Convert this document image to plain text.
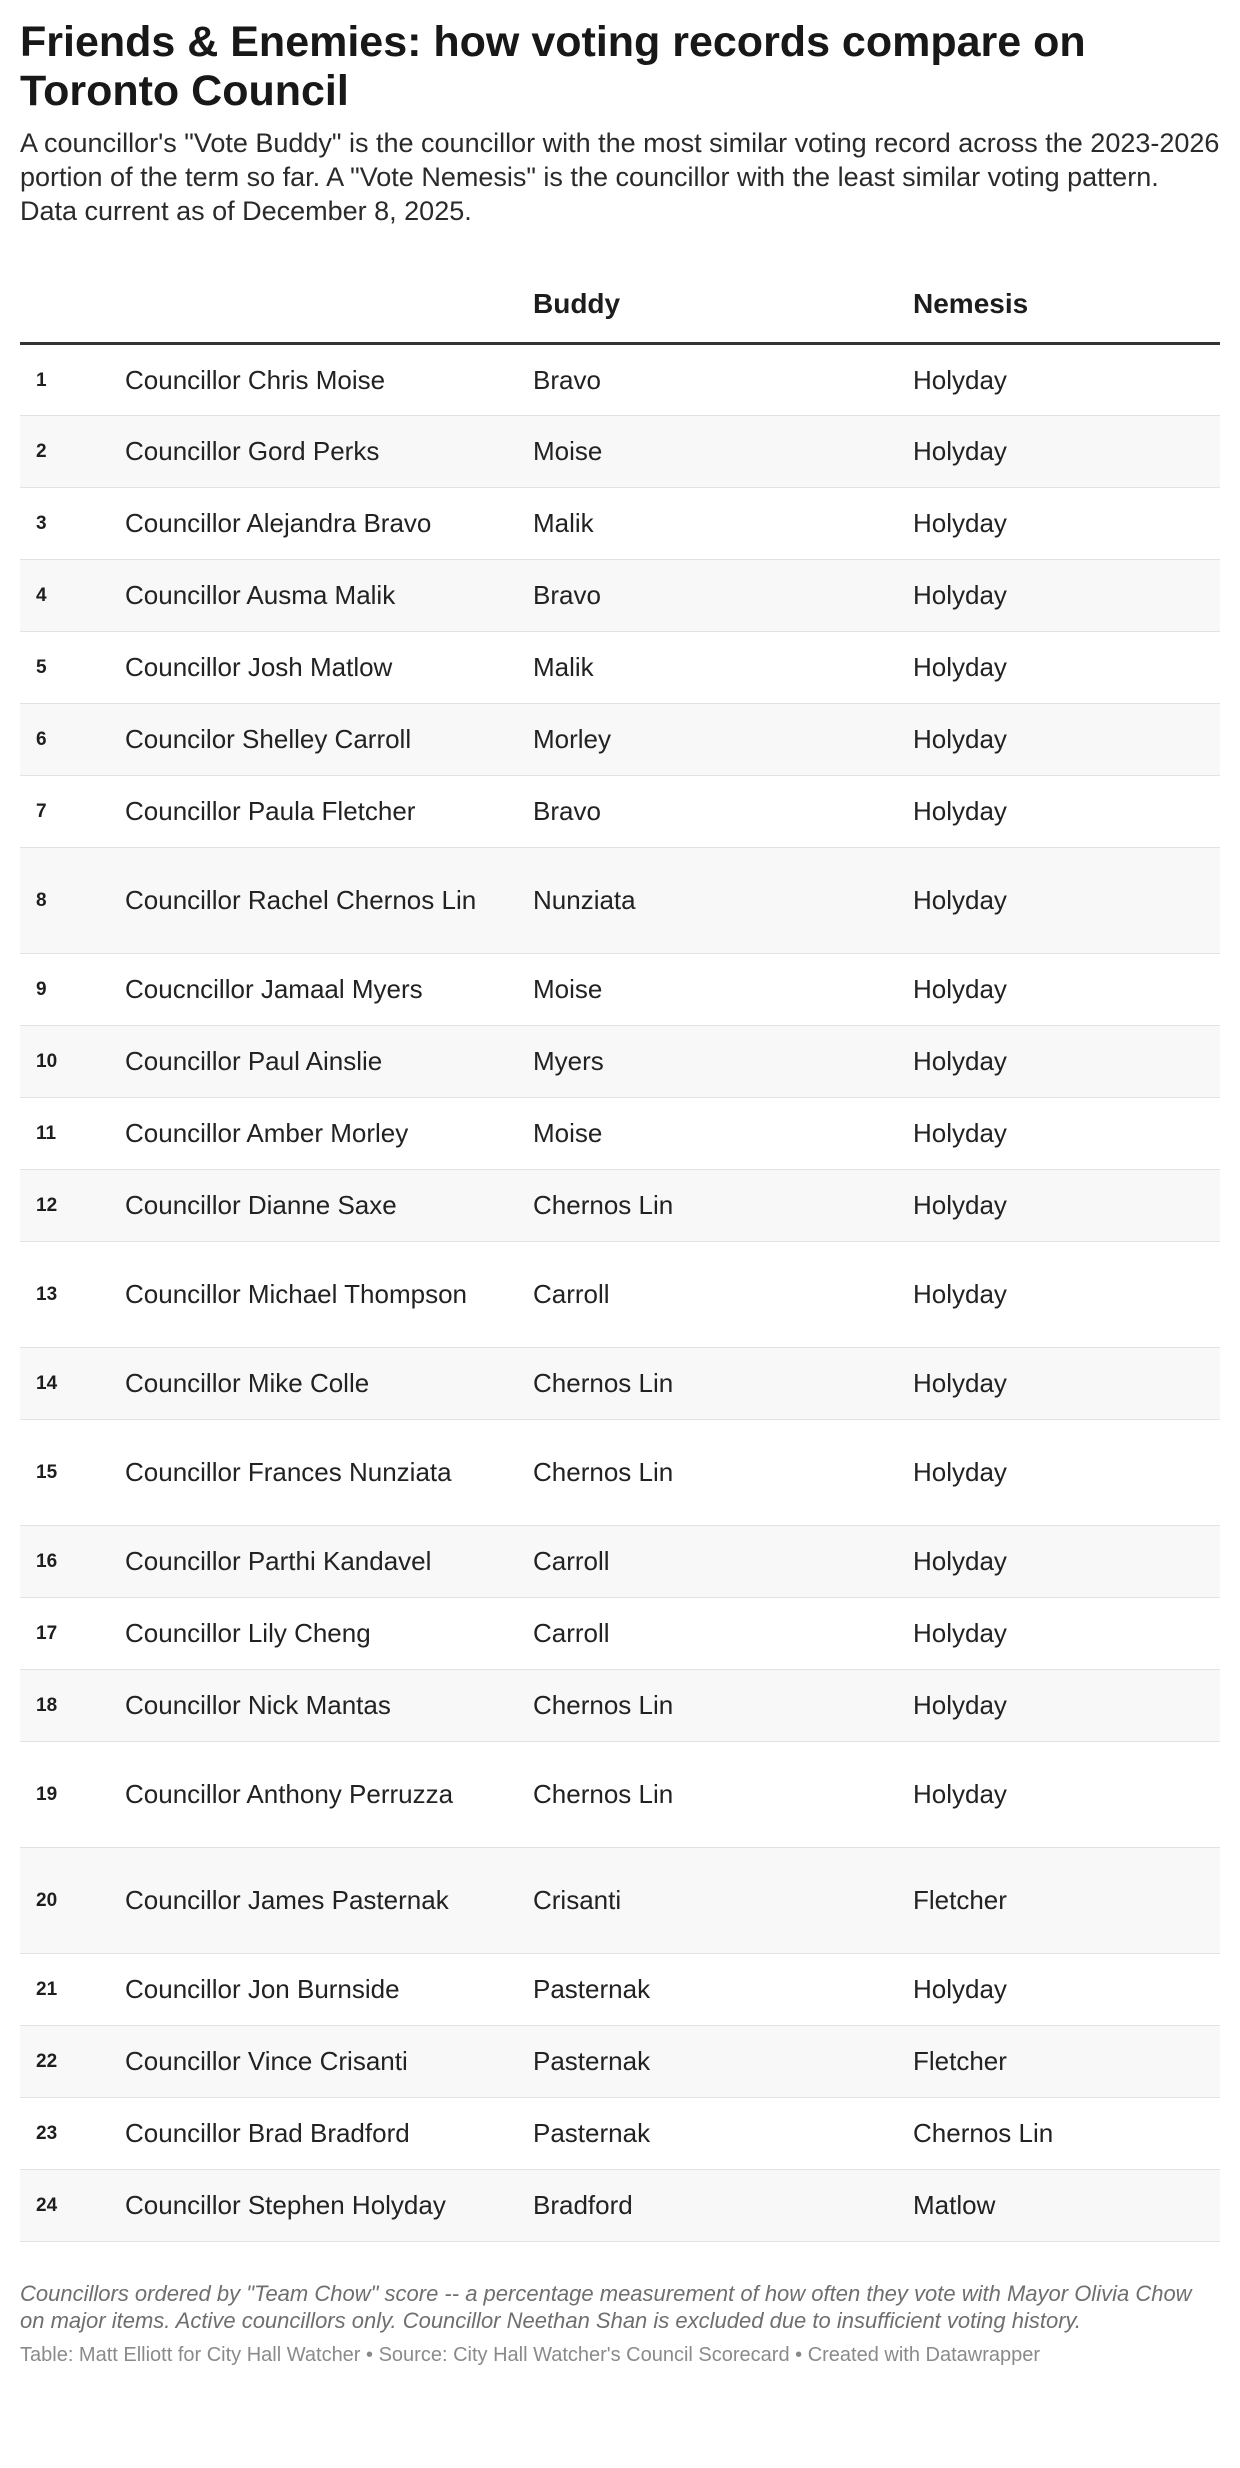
Friends & Enemies: how voting records compare on Toronto Council

A councillor's "Vote Buddy" is the councillor with the most similar voting record across the 2023-2026 portion of the term so far. A "Vote Nemesis" is the councillor with the least similar voting pattern. Data current as of December 8, 2025.

		Buddy	Nemesis
1	Councillor Chris Moise	Bravo	Holyday
2	Councillor Gord Perks	Moise	Holyday
3	Councillor Alejandra Bravo	Malik	Holyday
4	Councillor Ausma Malik	Bravo	Holyday
5	Councillor Josh Matlow	Malik	Holyday
6	Councilor Shelley Carroll	Morley	Holyday
7	Councillor Paula Fletcher	Bravo	Holyday
8	Councillor Rachel Chernos Lin	Nunziata	Holyday
9	Coucncillor Jamaal Myers	Moise	Holyday
10	Councillor Paul Ainslie	Myers	Holyday
11	Councillor Amber Morley	Moise	Holyday
12	Councillor Dianne Saxe	Chernos Lin	Holyday
13	Councillor Michael Thompson	Carroll	Holyday
14	Councillor Mike Colle	Chernos Lin	Holyday
15	Councillor Frances Nunziata	Chernos Lin	Holyday
16	Councillor Parthi Kandavel	Carroll	Holyday
17	Councillor Lily Cheng	Carroll	Holyday
18	Councillor Nick Mantas	Chernos Lin	Holyday
19	Councillor Anthony Perruzza	Chernos Lin	Holyday
20	Councillor James Pasternak	Crisanti	Fletcher
21	Councillor Jon Burnside	Pasternak	Holyday
22	Councillor Vince Crisanti	Pasternak	Fletcher
23	Councillor Brad Bradford	Pasternak	Chernos Lin
24	Councillor Stephen Holyday	Bradford	Matlow
Councillors ordered by "Team Chow" score -- a percentage measurement of how often they vote with Mayor Olivia Chow on major items. Active councillors only. Councillor Neethan Shan is excluded due to insufficient voting history.
Table: Matt Elliott for City Hall Watcher • Source: City Hall Watcher's Council Scorecard • Created with Datawrapper
